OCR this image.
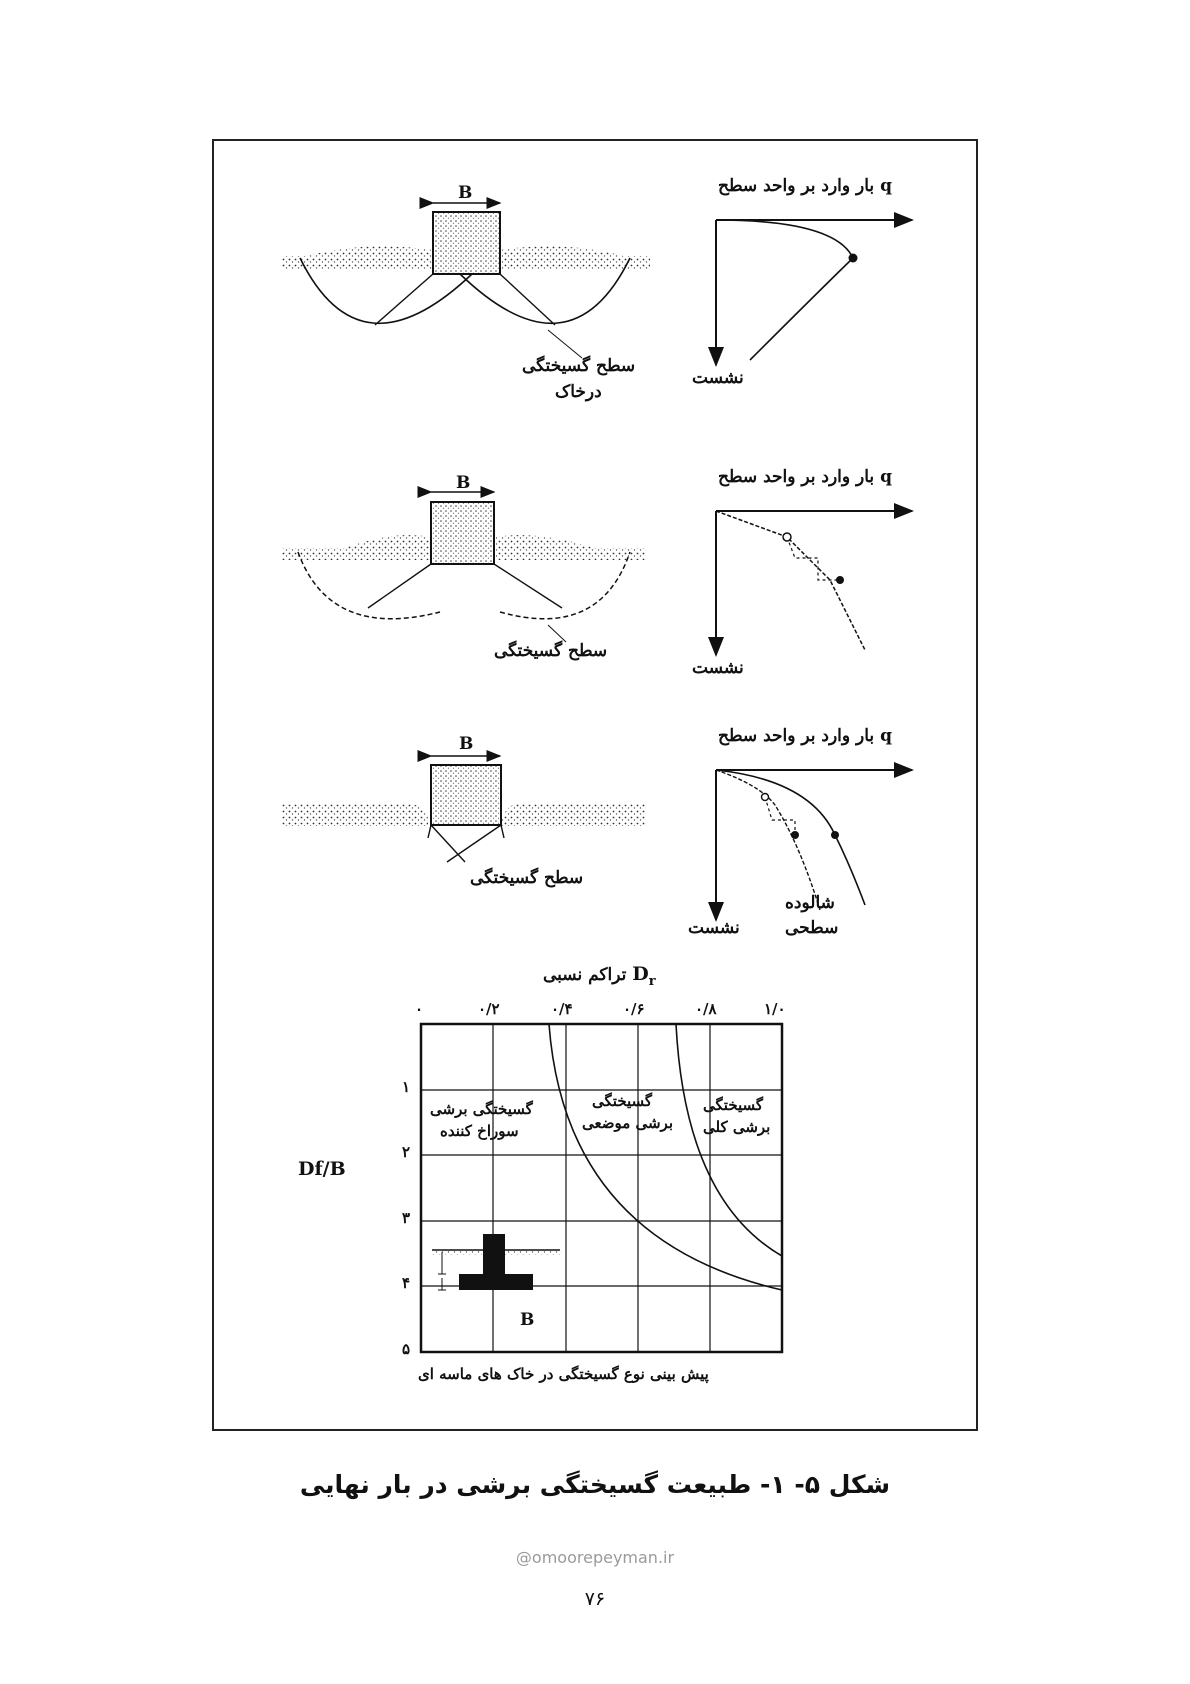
B	q بار وارد بر واحد سطح
نشست
سطح گسیختگی
درخاک
B	q بار وارد بر واحد سطح
نشست
سطح گسیختگی
B	q بار وارد بر واحد سطح
نشست
سطح گسیختگی
شالوده
سطحی
$D_r$ تراکم نسبی
۰	۰/۲	۰/۴	۰/۶	۰/۸	۱/۰
۱
۲
۳
۴
۵
Df/B
گسیختگی برشی
سوراخ کننده
گسیختگی
برشی موضعی
گسیختگی
برشی کلی
B
پیش بینی نوع گسیختگی در خاک های ماسه ای
شکل ۵- ۱- طبیعت گسیختگی برشی در بار نهایی
@omoorepeyman.ir
۷۶
